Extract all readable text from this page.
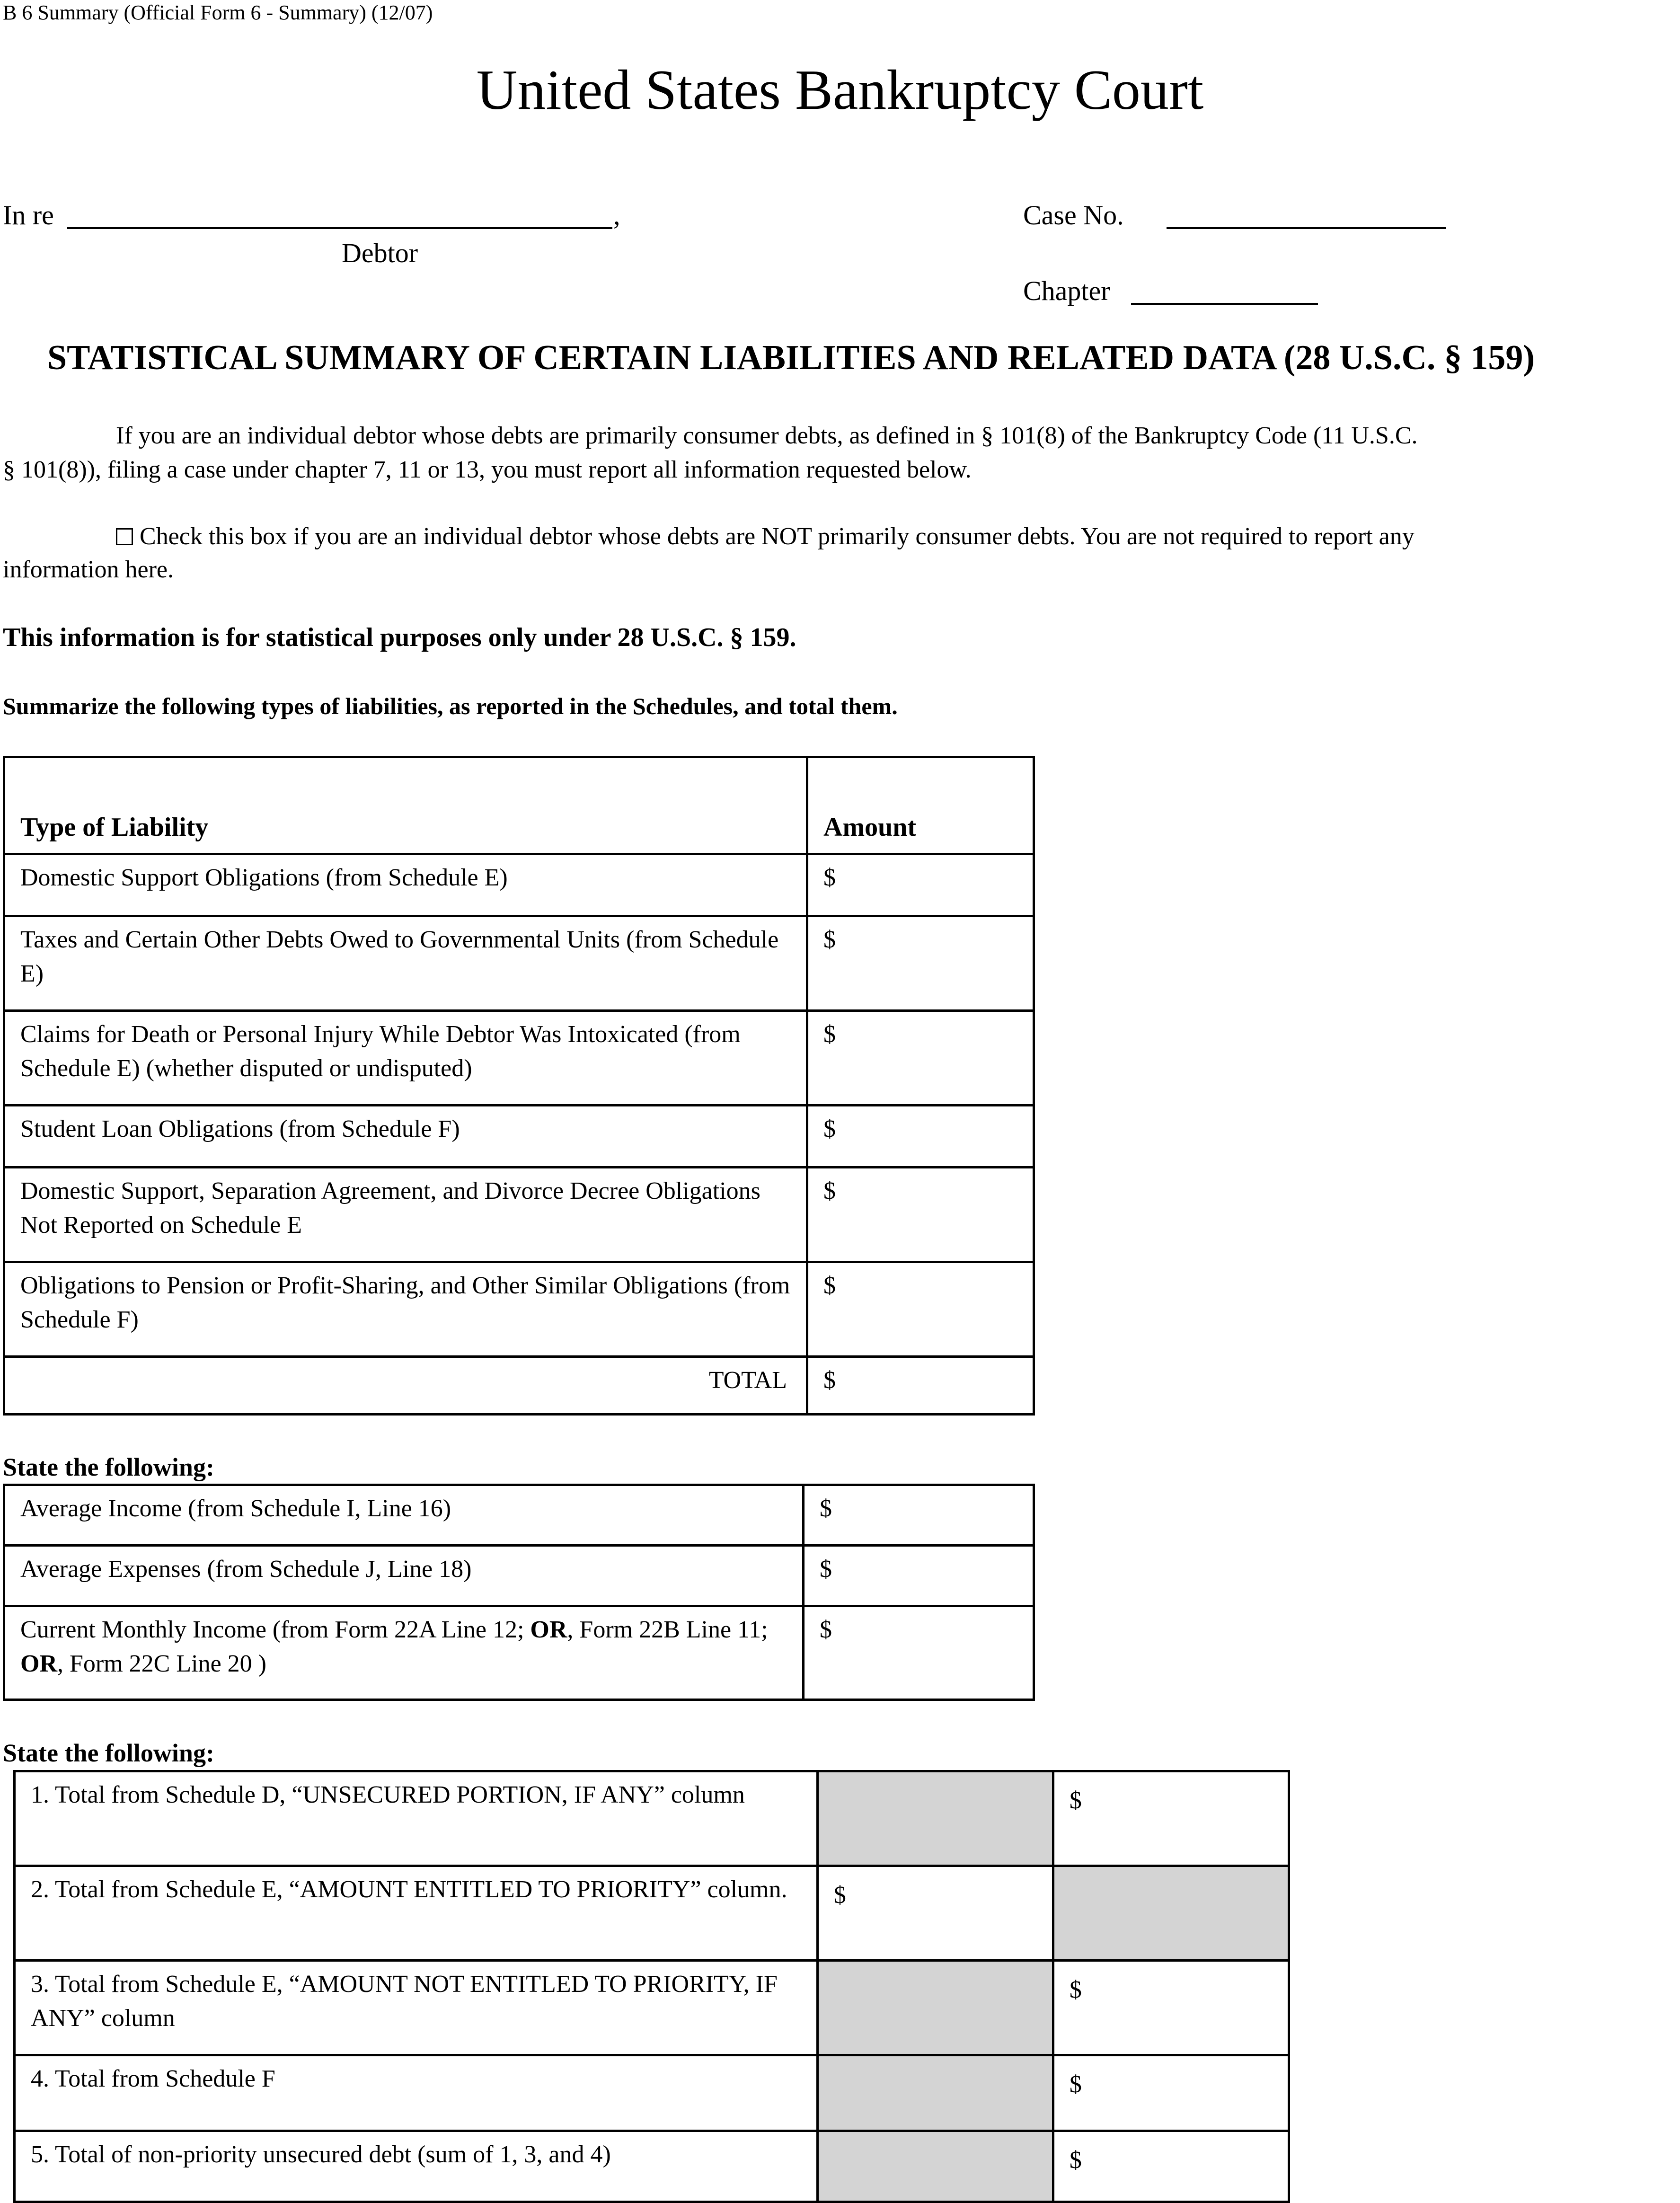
B 6 Summary (Official Form 6 - Summary) (12/07)
United States Bankruptcy Court
In re	,
Debtor
Case No.
Chapter
STATISTICAL SUMMARY OF CERTAIN LIABILITIES AND RELATED DATA (28 U.S.C. § 159)
If you are an individual debtor whose debts are primarily consumer debts, as defined in § 101(8) of the Bankruptcy Code (11 U.S.C.
§ 101(8)), filing a case under chapter 7, 11 or 13, you must report all information requested below.
Check this box if you are an individual debtor whose debts are NOT primarily consumer debts. You are not required to report any
information here.
This information is for statistical purposes only under 28 U.S.C. § 159.
Summarize the following types of liabilities, as reported in the Schedules, and total them.
Type of Liability	Amount
Domestic Support Obligations (from Schedule E)	$
Taxes and Certain Other Debts Owed to Governmental Units (from Schedule E)	$
Claims for Death or Personal Injury While Debtor Was Intoxicated (from Schedule E) (whether disputed or undisputed)	$
Student Loan Obligations (from Schedule F)	$
Domestic Support, Separation Agreement, and Divorce Decree Obligations Not Reported on Schedule E	$
Obligations to Pension or Profit-Sharing, and Other Similar Obligations (from Schedule F)	$
TOTAL	$
State the following:
Average Income (from Schedule I, Line 16)	$
Average Expenses (from Schedule J, Line 18)	$
Current Monthly Income (from Form 22A Line 12; OR, Form 22B Line 11; OR, Form 22C Line 20 )	$
State the following:
1. Total from Schedule D, “UNSECURED PORTION, IF ANY” column		$
2. Total from Schedule E, “AMOUNT ENTITLED TO PRIORITY” column.	$	
3. Total from Schedule E, “AMOUNT NOT ENTITLED TO PRIORITY, IF ANY” column		$
4. Total from Schedule F		$
5. Total of non-priority unsecured debt (sum of 1, 3, and 4)		$
